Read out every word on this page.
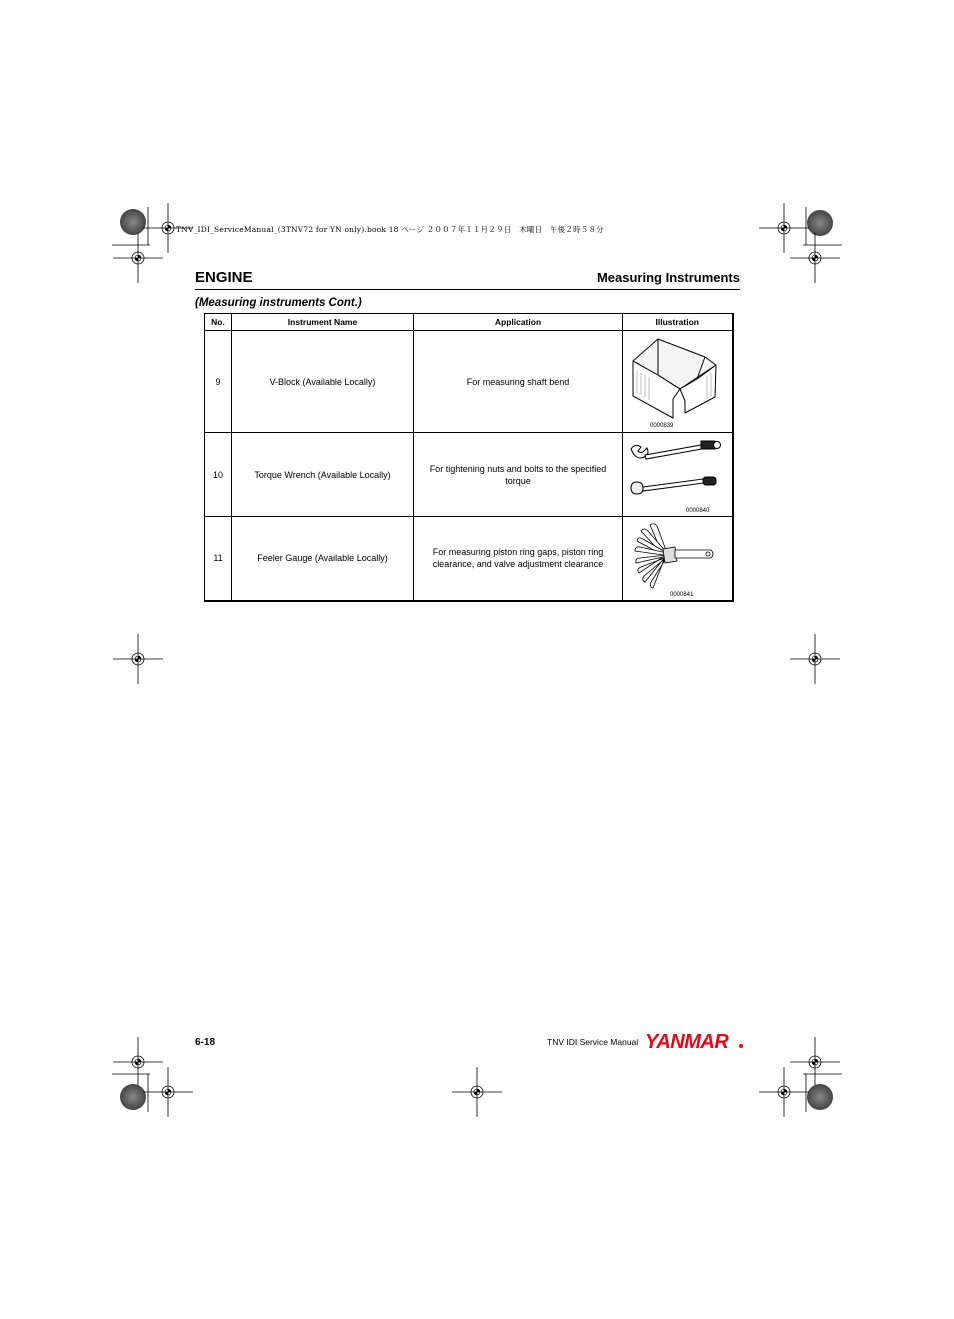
TNV_IDI_ServiceManual_(3TNV72 for YN only).book 18 ページ ２００７年１１月２９日　木曜日　午後２時５８分
ENGINE	Measuring Instruments
(Measuring instruments Cont.)
No.	Instrument Name	Application	Illustration
9	V-Block (Available Locally)	For measuring shaft bend	0000839

10	Torque Wrench (Available Locally)	For tightening nuts and bolts to the specified torque	0000840

11	Feeler Gauge (Available Locally)	For measuring piston ring gaps, piston ring clearance, and valve adjustment clearance	0000841
6-18	TNV IDI Service Manual YANMAR
